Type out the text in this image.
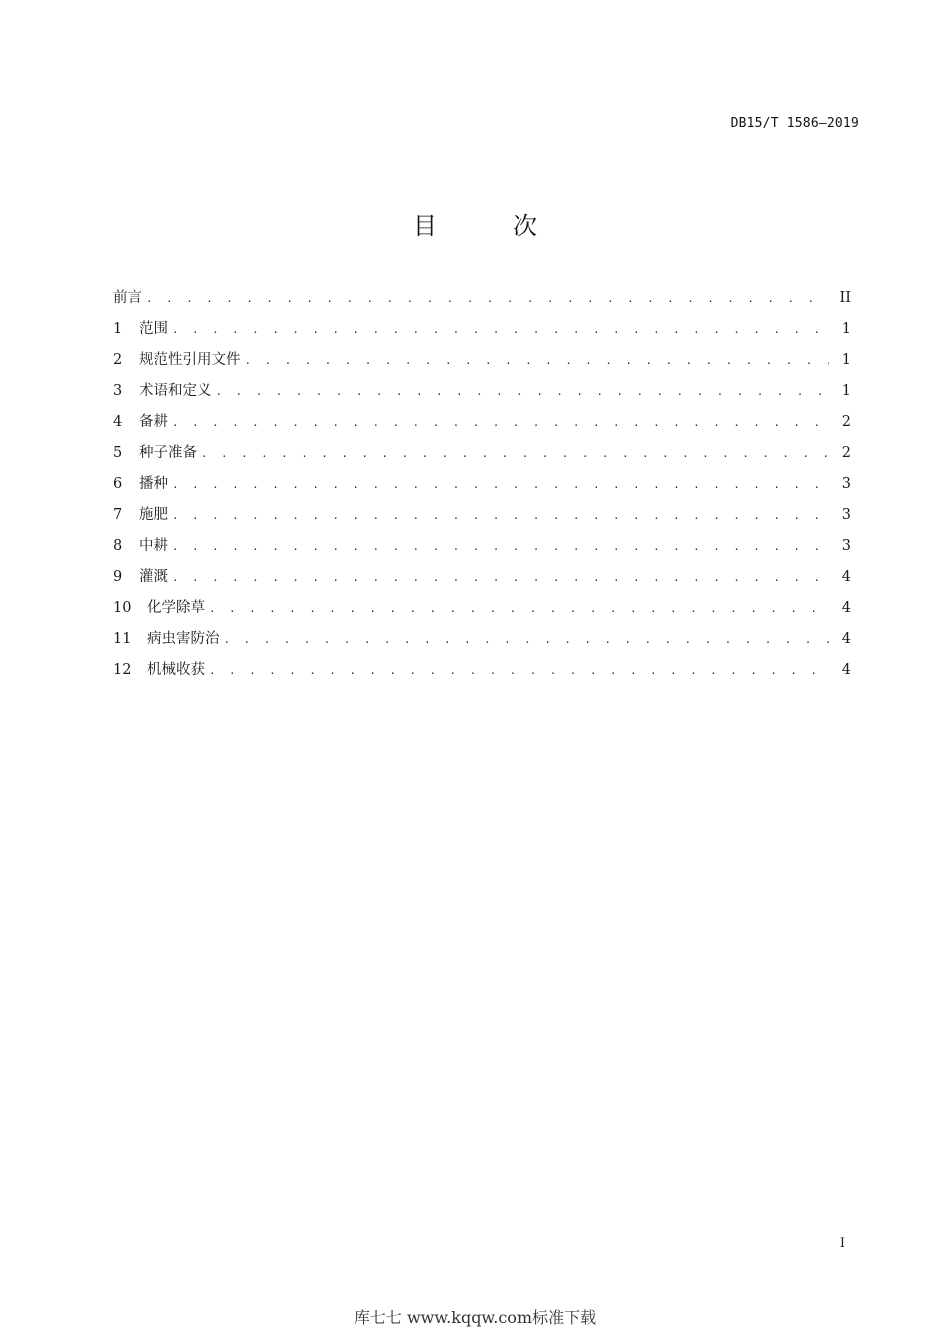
DB15/T 1586—2019
目　次
前言 . . .	II
1	范围 . . .	1
2	规范性引用文件 . . .	1
3	术语和定义 . . .	1
4	备耕 . . .	2
5	种子准备 . . .	2
6	播种 . . .	3
7	施肥 . . .	3
8	中耕 . . .	3
9	灌溉 . . .	4
10	化学除草 . . .	4
11	病虫害防治 . . .	4
12	机械收获 . . .	4
I
库七七 www.kqqw.com标准下载
